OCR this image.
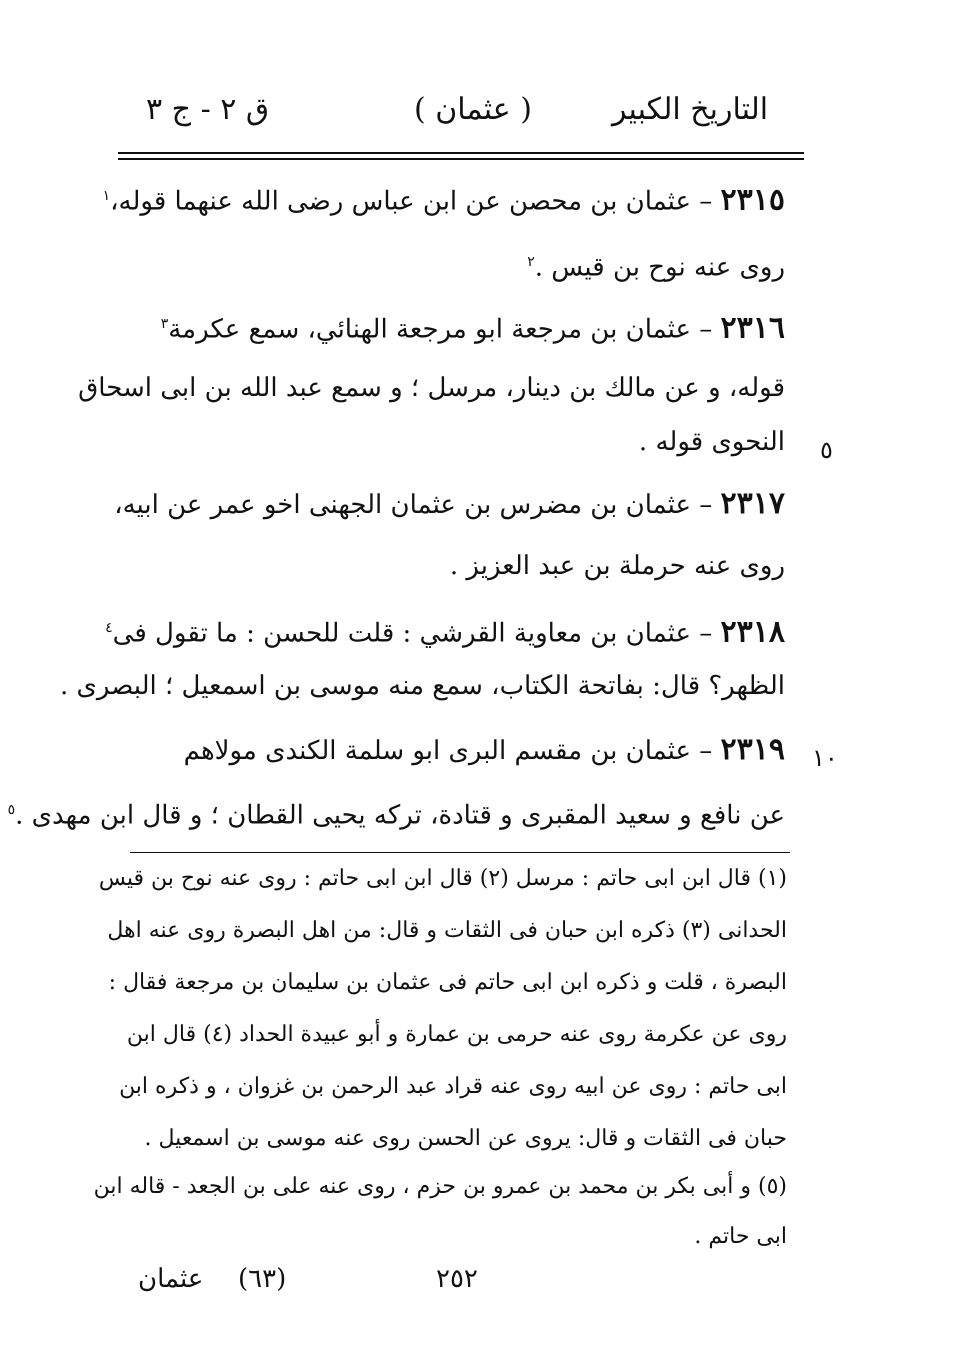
التاريخ الكبير
( عثمان )
ق ٢ - ج ٣
٢٣١٥ – عثمان بن محصن عن ابن عباس رضى الله عنهما قوله،$^١$
روى عنه نوح بن قيس .$^٢$
٢٣١٦ – عثمان بن مرجعة ابو مرجعة الهنائي، سمع عكرمة$^٣$
قوله، و عن مالك بن دينار، مرسل ؛ و سمع عبد الله بن ابى اسحاق
النحوى قوله . ٥
٢٣١٧ – عثمان بن مضرس بن عثمان الجهنى اخو عمر عن ابيه،
روى عنه حرملة بن عبد العزيز .
٢٣١٨ – عثمان بن معاوية القرشي : قلت للحسن : ما تقول فى$^٤$
الظهر؟ قال: بفاتحة الكتاب، سمع منه موسى بن اسمعيل ؛ البصرى .
٢٣١٩ – عثمان بن مقسم البرى ابو سلمة الكندى مولاهم	١٠
عن نافع و سعيد المقبرى و قتادة، تركه يحيى القطان ؛ و قال ابن مهدى .$^٥$
(١) قال ابن ابى حاتم : مرسل (٢) قال ابن ابى حاتم : روى عنه نوح بن قيس
الحدانى (٣) ذكره ابن حبان فى الثقات و قال: من اهل البصرة روى عنه اهل
البصرة ، قلت و ذكره ابن ابى حاتم فى عثمان بن سليمان بن مرجعة فقال :
روى عن عكرمة روى عنه حرمى بن عمارة و أبو عبيدة الحداد (٤) قال ابن
ابى حاتم : روى عن ابيه روى عنه قراد عبد الرحمن بن غزوان ، و ذكره ابن
حبان فى الثقات و قال: يروى عن الحسن روى عنه موسى بن اسمعيل .
(٥) و أبى بكر بن محمد بن عمرو بن حزم ، روى عنه على بن الجعد - قاله ابن
ابى حاتم .
٢٥٢
(٦٣)
عثمان
